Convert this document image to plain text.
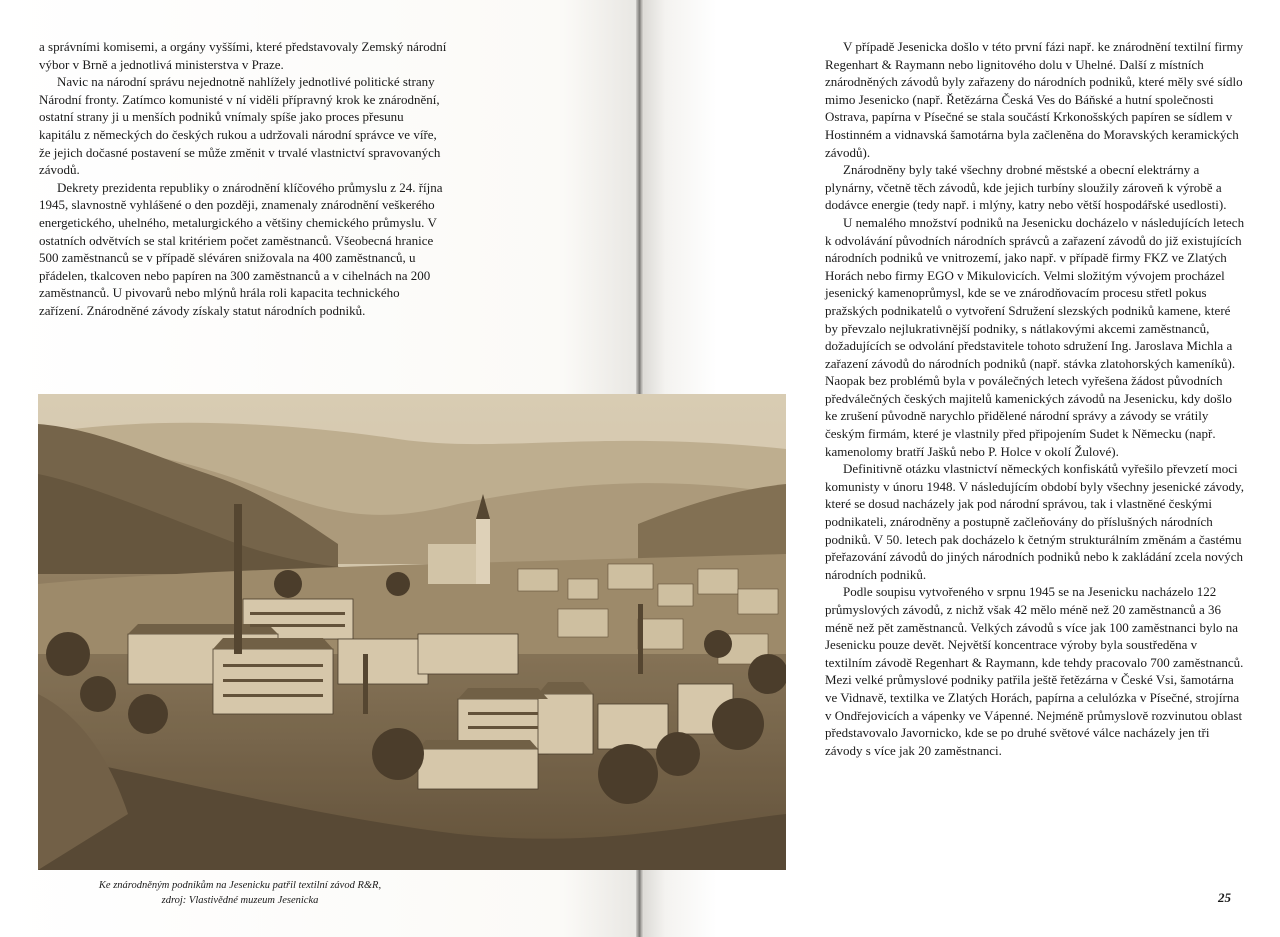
a správními komisemi, a orgány vyššími, které představovaly Zemský národní výbor v Brně a jednotlivá ministerstva v Praze.

Navic na národní správu nejednotně nahlížely jednotlivé politické strany Národní fronty. Zatímco komunisté v ní viděli přípravný krok ke znárodnění, ostatní strany ji u menších podniků vnímaly spíše jako proces přesunu kapitálu z německých do českých rukou a udržovali národní správce ve víře, že jejich dočasné postavení se může změnit v trvalé vlastnictví spravovaných závodů.

Dekrety prezidenta republiky o znárodnění klíčového průmyslu z 24. října 1945, slavnostně vyhlášené o den později, znamenaly znárodnění veškerého energetického, uhelného, metalurgického a většiny chemického průmyslu. V ostatních odvětvích se stal kritériem počet zaměstnanců. Všeobecná hranice 500 zaměstnanců se v případě sléváren snižovala na 400 zaměstnanců, u přádelen, tkalcoven nebo papíren na 300 zaměstnanců a v cihelnách na 200 zaměstnanců. U pivovarů nebo mlýnů hrála roli kapacita technického zařízení. Znárodněné závody získaly statut národních podniků.

Ke znárodněným podnikům na Jesenicku patřil textilní závod R&R,
zdroj: Vlastivědné muzeum Jesenicka	25

V případě Jesenicka došlo v této první fázi např. ke znárodnění textilní firmy Regenhart & Raymann nebo lignitového dolu v Uhelné. Další z místních znárodněných závodů byly zařazeny do národních podniků, které měly své sídlo mimo Jesenicko (např. Řetězárna Česká Ves do Báňské a hutní společnosti Ostrava, papírna v Písečné se stala součástí Krkonošských papíren se sídlem v Hostinném a vidnavská šamotárna byla začleněna do Moravských keramických závodů).

Znárodněny byly také všechny drobné městské a obecní elektrárny a plynárny, včetně těch závodů, kde jejich turbíny sloužily zároveň k výrobě a dodávce energie (tedy např. i mlýny, katry nebo větší hospodářské usedlosti).

U nemalého množství podniků na Jesenicku docházelo v následujících letech k odvolávání původních národních správců a zařazení závodů do již existujících národních podniků ve vnitrozemí, jako např. v případě firmy FKZ ve Zlatých Horách nebo firmy EGO v Mikulovicích. Velmi složitým vývojem procházel jesenický kamenoprůmysl, kde se ve znárodňovacím procesu střetl pokus pražských podnikatelů o vytvoření Sdružení slezských podniků kamene, které by převzalo nejlukrativnější podniky, s nátlakovými akcemi zaměstnanců, dožadujících se odvolání představitele tohoto sdružení Ing. Jaroslava Michla a zařazení závodů do národních podniků (např. stávka zlatohorských kameníků). Naopak bez problémů byla v poválečných letech vyřešena žádost původních předválečných českých majitelů kamenických závodů na Jesenicku, kdy došlo ke zrušení původně narychlo přidělené národní správy a závody se vrátily českým firmám, které je vlastnily před připojením Sudet k Německu (např. kamenolomy bratří Jašků nebo P. Holce v okolí Žulové).

Definitivně otázku vlastnictví německých konfiskátů vyřešilo převzetí moci komunisty v únoru 1948. V následujícím období byly všechny jesenické závody, které se dosud nacházely jak pod národní správou, tak i vlastněné českými podnikateli, znárodněny a postupně začleňovány do příslušných národních podniků. V 50. letech pak docházelo k četným strukturálním změnám a častému přeřazování závodů do jiných národních podniků nebo k zakládání zcela nových národních podniků.

Podle soupisu vytvořeného v srpnu 1945 se na Jesenicku nacházelo 122 průmyslových závodů, z nichž však 42 mělo méně než 20 zaměstnanců a 36 méně než pět zaměstnanců. Velkých závodů s více jak 100 zaměstnanci bylo na Jesenicku pouze devět. Největší koncentrace výroby byla soustředěna v textilním závodě Regenhart & Raymann, kde tehdy pracovalo 700 zaměstnanců. Mezi velké průmyslové podniky patřila ještě řetězárna v České Vsi, šamotárna ve Vidnavě, textilka ve Zlatých Horách, papírna a celulózka v Písečné, strojírna v Ondřejovicích a vápenky ve Vápenné. Nejméně průmyslově rozvinutou oblast představovalo Javornicko, kde se po druhé světové válce nacházely jen tři závody s více jak 20 zaměstnanci.
